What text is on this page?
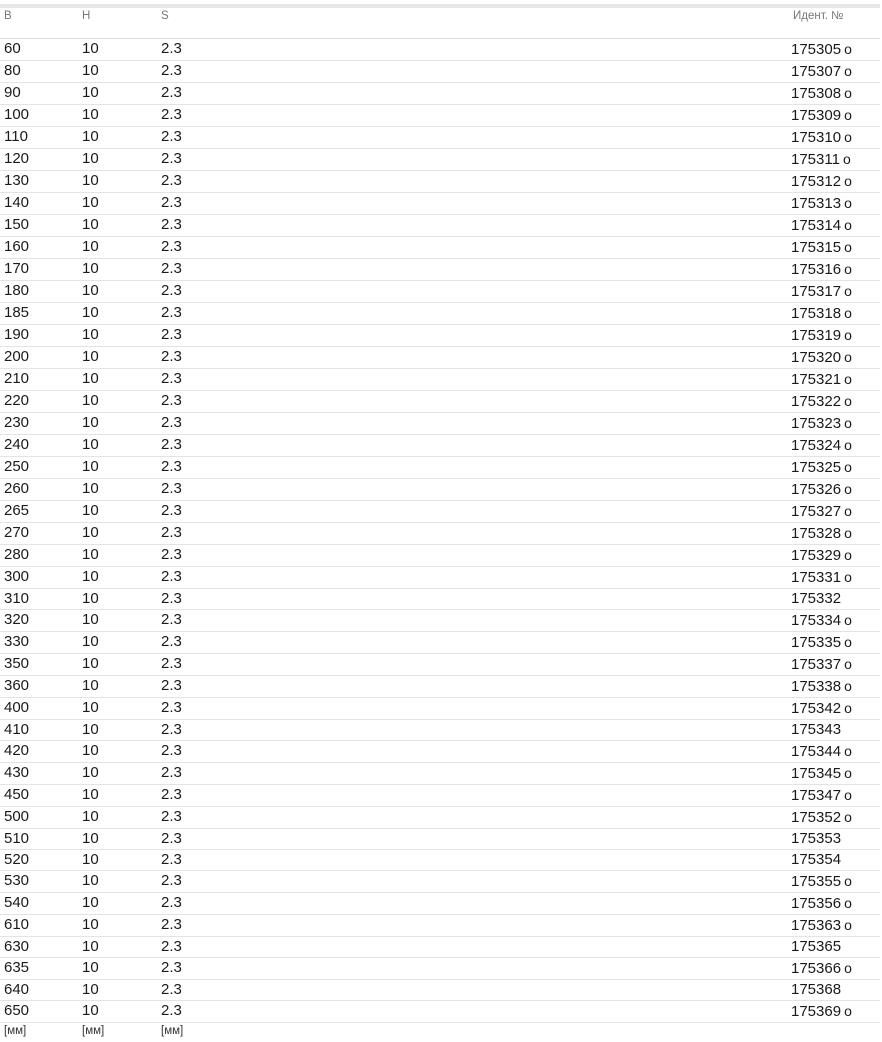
B	H	S	Идент. №
60	10	2.3	175305 o
80	10	2.3	175307 o
90	10	2.3	175308 o
100	10	2.3	175309 o
110	10	2.3	175310 o
120	10	2.3	175311 o
130	10	2.3	175312 o
140	10	2.3	175313 o
150	10	2.3	175314 o
160	10	2.3	175315 o
170	10	2.3	175316 o
180	10	2.3	175317 o
185	10	2.3	175318 o
190	10	2.3	175319 o
200	10	2.3	175320 o
210	10	2.3	175321 o
220	10	2.3	175322 o
230	10	2.3	175323 o
240	10	2.3	175324 o
250	10	2.3	175325 o
260	10	2.3	175326 o
265	10	2.3	175327 o
270	10	2.3	175328 o
280	10	2.3	175329 o
300	10	2.3	175331 o
310	10	2.3	175332
320	10	2.3	175334 o
330	10	2.3	175335 o
350	10	2.3	175337 o
360	10	2.3	175338 o
400	10	2.3	175342 o
410	10	2.3	175343
420	10	2.3	175344 o
430	10	2.3	175345 o
450	10	2.3	175347 o
500	10	2.3	175352 o
510	10	2.3	175353
520	10	2.3	175354
530	10	2.3	175355 o
540	10	2.3	175356 o
610	10	2.3	175363 o
630	10	2.3	175365
635	10	2.3	175366 o
640	10	2.3	175368
650	10	2.3	175369 o
[мм]	[мм]	[мм]	
